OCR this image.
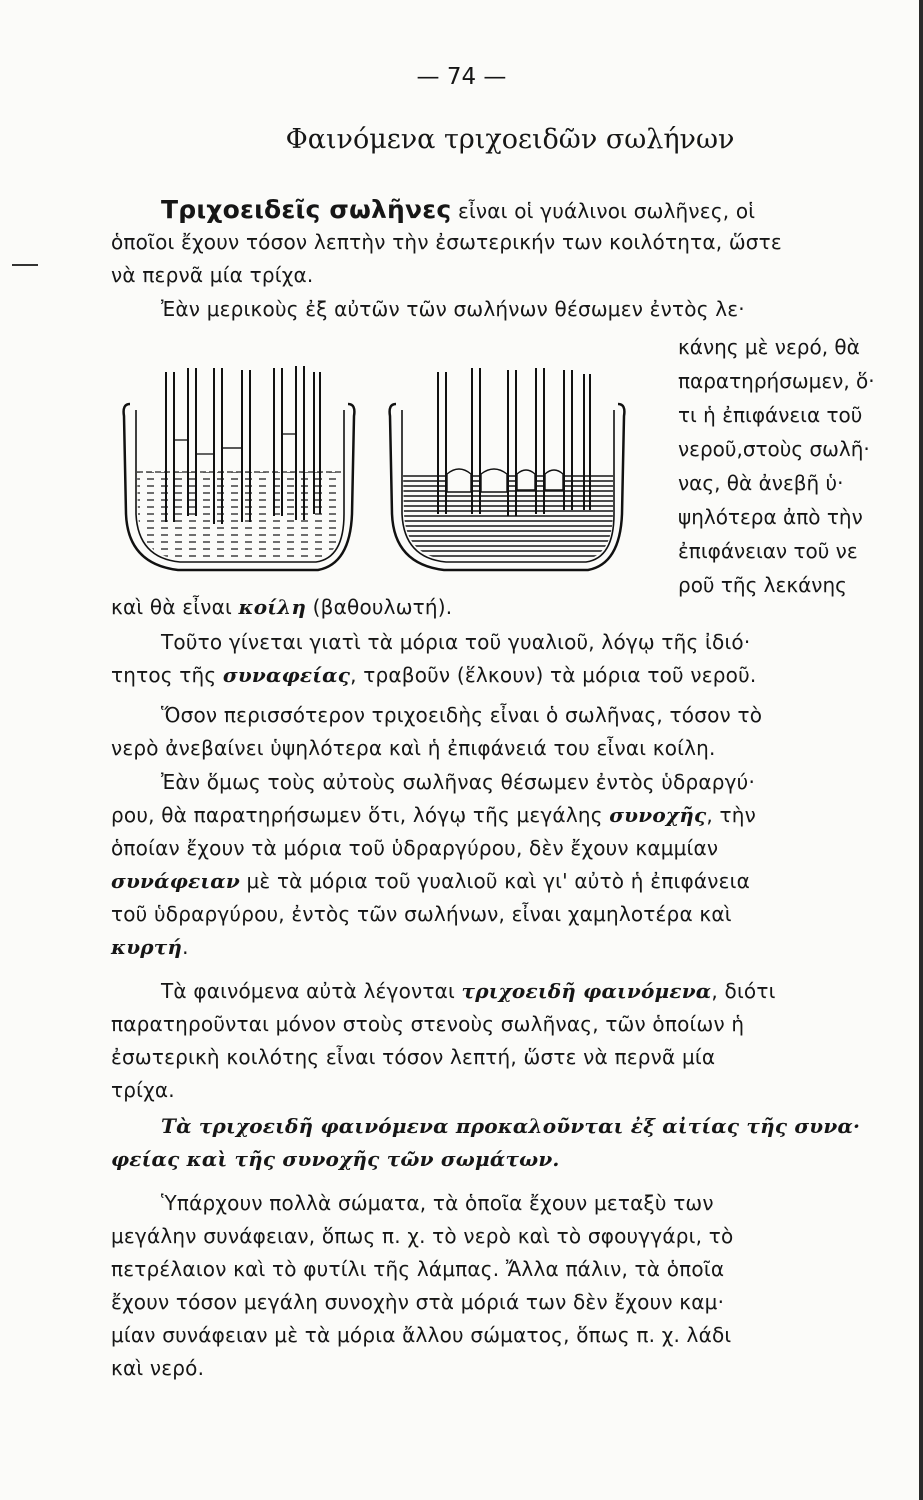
— 74 —
Φαινόμενα τριχοειδῶν σωλήνων
Τριχοειδεῖς σωλῆνες εἶναι οἱ γυάλινοι σωλῆνες, οἱ
ὁποῖοι ἔχουν τόσον λεπτὴν τὴν ἐσωτερικήν των κοιλότητα, ὥστε
νὰ περνᾶ μία τρίχα.
Ἐὰν μερικοὺς ἐξ αὐτῶν τῶν σωλήνων θέσωμεν ἐντὸς λε·
κάνης μὲ νερό, θὰ
παρατηρήσωμεν, ὅ·
τι ἡ ἐπιφάνεια τοῦ
νεροῦ,στοὺς σωλῆ·
νας, θὰ ἀνεβῆ ὑ·
ψηλότερα ἀπὸ τὴν
ἐπιφάνειαν τοῦ νε
ροῦ τῆς λεκάνης
καὶ θὰ εἶναι κοίλη (βαθουλωτή).
Τοῦτο γίνεται γιατὶ τὰ μόρια τοῦ γυαλιοῦ, λόγῳ τῆς ἰδιό·
τητος τῆς συναφείας, τραβοῦν (ἕλκουν) τὰ μόρια τοῦ νεροῦ.
Ὅσον περισσότερον τριχοειδὴς εἶναι ὁ σωλῆνας, τόσον τὸ
νερὸ ἀνεβαίνει ὑψηλότερα καὶ ἡ ἐπιφάνειά του εἶναι κοίλη.
Ἐὰν ὅμως τοὺς αὐτοὺς σωλῆνας θέσωμεν ἐντὸς ὑδραργύ·
ρου, θὰ παρατηρήσωμεν ὅτι, λόγῳ τῆς μεγάλης συνοχῆς, τὴν
ὁποίαν ἔχουν τὰ μόρια τοῦ ὑδραργύρου, δὲν ἔχουν καμμίαν
συνάφειαν μὲ τὰ μόρια τοῦ γυαλιοῦ καὶ γι' αὐτὸ ἡ ἐπιφάνεια
τοῦ ὑδραργύρου, ἐντὸς τῶν σωλήνων, εἶναι χαμηλοτέρα καὶ
κυρτή.
Τὰ φαινόμενα αὐτὰ λέγονται τριχοειδῆ φαινόμενα, διότι
παρατηροῦνται μόνον στοὺς στενοὺς σωλῆνας, τῶν ὁποίων ἡ
ἐσωτερικὴ κοιλότης εἶναι τόσον λεπτή, ὥστε νὰ περνᾶ μία
τρίχα.
Τὰ τριχοειδῆ φαινόμενα προκαλοῦνται ἐξ αἰτίας τῆς συνα·
φείας καὶ τῆς συνοχῆς τῶν σωμάτων.
Ὑπάρχουν πολλὰ σώματα, τὰ ὁποῖα ἔχουν μεταξὺ των
μεγάλην συνάφειαν, ὅπως π. χ. τὸ νερὸ καὶ τὸ σφουγγάρι, τὸ
πετρέλαιον καὶ τὸ φυτίλι τῆς λάμπας. Ἄλλα πάλιν, τὰ ὁποῖα
ἔχουν τόσον μεγάλη συνοχὴν στὰ μόριά των δὲν ἔχουν καμ·
μίαν συνάφειαν μὲ τὰ μόρια ἄλλου σώματος, ὅπως π. χ. λάδι
καὶ νερό.
